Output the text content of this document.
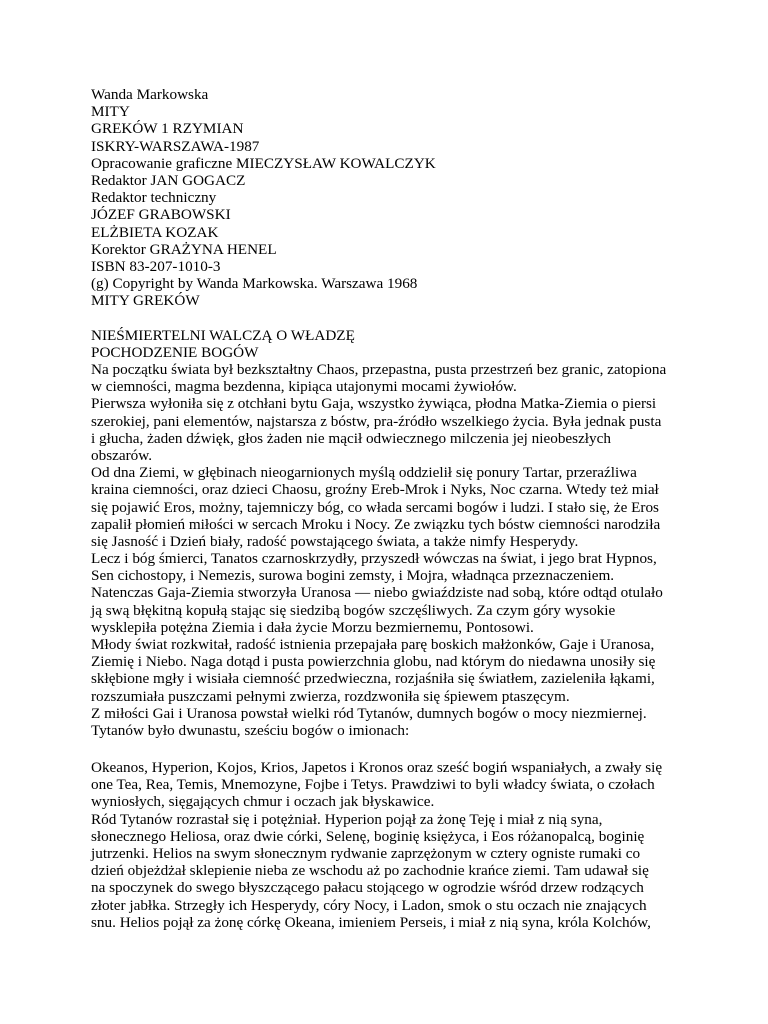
Wanda Markowska
MITY
GREKÓW 1 RZYMIAN
ISKRY-WARSZAWA-1987
Opracowanie graficzne MIECZYSŁAW KOWALCZYK
Redaktor JAN GOGACZ
Redaktor techniczny
JÓZEF GRABOWSKI
ELŻBIETA KOZAK
Korektor GRAŻYNA HENEL
ISBN 83-207-1010-3
(g) Copyright by Wanda Markowska. Warszawa 1968
MITY GREKÓW
NIEŚMIERTELNI WALCZĄ O WŁADZĘ
POCHODZENIE BOGÓW
Na początku świata był bezkształtny Chaos, przepastna, pusta przestrzeń bez granic, zatopiona
w ciemności, magma bezdenna, kipiąca utajonymi mocami żywiołów.
Pierwsza wyłoniła się z otchłani bytu Gaja, wszystko żywiąca, płodna Matka-Ziemia o piersi
szerokiej, pani elementów, najstarsza z bóstw, pra-źródło wszelkiego życia. Była jednak pusta
i głucha, żaden dźwięk, głos żaden nie mącił odwiecznego milczenia jej nieobeszłych
obszarów.
Od dna Ziemi, w głębinach nieogarnionych myślą oddzielił się ponury Tartar, przeraźliwa
kraina ciemności, oraz dzieci Chaosu, groźny Ereb-Mrok i Nyks, Noc czarna. Wtedy też miał
się pojawić Eros, możny, tajemniczy bóg, co włada sercami bogów i ludzi. I stało się, że Eros
zapalił płomień miłości w sercach Mroku i Nocy. Ze związku tych bóstw ciemności narodziła
się Jasność i Dzień biały, radość powstającego świata, a także nimfy Hesperydy.
Lecz i bóg śmierci, Tanatos czarnoskrzydły, przyszedł wówczas na świat, i jego brat Hypnos,
Sen cichostopy, i Nemezis, surowa bogini zemsty, i Mojra, władnąca przeznaczeniem.
Natenczas Gaja-Ziemia stworzyła Uranosa — niebo gwiaździste nad sobą, które odtąd otulało
ją swą błękitną kopułą stając się siedzibą bogów szczęśliwych. Za czym góry wysokie
wysklepiła potężna Ziemia i dała życie Morzu bezmiernemu, Pontosowi.
Młody świat rozkwitał, radość istnienia przepajała parę boskich małżonków, Gaje i Uranosa,
Ziemię i Niebo. Naga dotąd i pusta powierzchnia globu, nad którym do niedawna unosiły się
skłębione mgły i wisiała ciemność przedwieczna, rozjaśniła się światłem, zazieleniła łąkami,
rozszumiała puszczami pełnymi zwierza, rozdzwoniła się śpiewem ptaszęcym.
Z miłości Gai i Uranosa powstał wielki ród Tytanów, dumnych bogów o mocy niezmiernej.
Tytanów było dwunastu, sześciu bogów o imionach:
Okeanos, Hyperion, Kojos, Krios, Japetos i Kronos oraz sześć bogiń wspaniałych, a zwały się
one Tea, Rea, Temis, Mnemozyne, Fojbe i Tetys. Prawdziwi to byli władcy świata, o czołach
wyniosłych, sięgających chmur i oczach jak błyskawice.
Ród Tytanów rozrastał się i potężniał. Hyperion pojął za żonę Teję i miał z nią syna,
słonecznego Heliosa, oraz dwie córki, Selenę, boginię księżyca, i Eos różanopalcą, boginię
jutrzenki. Helios na swym słonecznym rydwanie zaprzężonym w cztery ogniste rumaki co
dzień objeżdżał sklepienie nieba ze wschodu aż po zachodnie krańce ziemi. Tam udawał się
na spoczynek do swego błyszczącego pałacu stojącego w ogrodzie wśród drzew rodzących
złoter jabłka. Strzegły ich Hesperydy, córy Nocy, i Ladon, smok o stu oczach nie znających
snu. Helios pojął za żonę córkę Okeana, imieniem Perseis, i miał z nią syna, króla Kolchów,
